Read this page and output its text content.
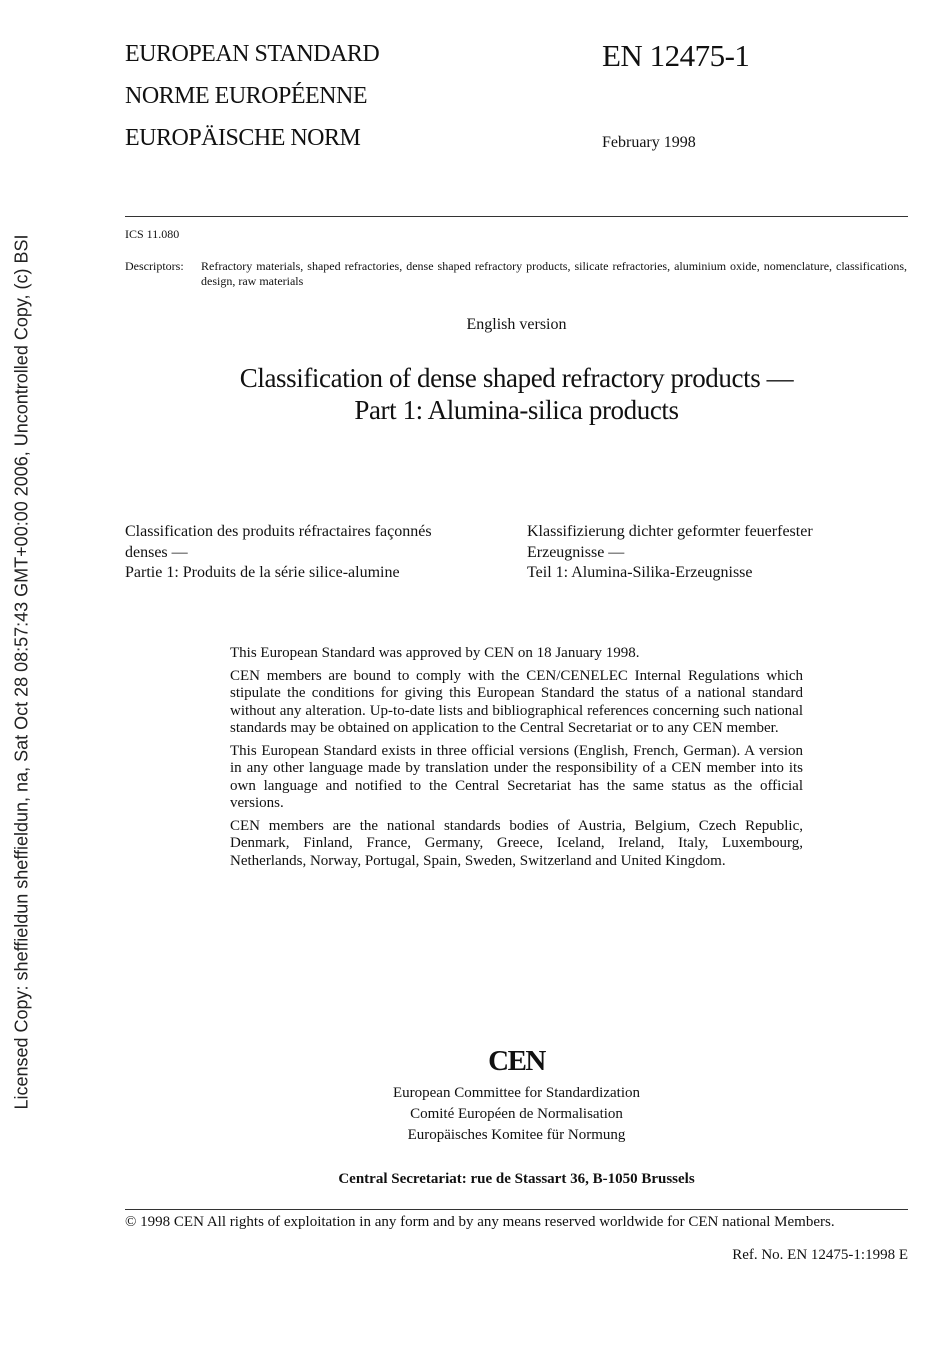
EUROPEAN STANDARD
NORME EUROPÉENNE
EUROPÄISCHE NORM
EN 12475-1
February 1998
ICS 11.080
Descriptors:	Refractory materials, shaped refractories, dense shaped refractory products, silicate refractories, aluminium oxide, nomenclature, classifications, design, raw materials
English version
Classification of dense shaped refractory products —
Part 1: Alumina-silica products
Classification des produits réfractaires façonnés
denses —
Partie 1: Produits de la série silice-alumine
Klassifizierung dichter geformter feuerfester
Erzeugnisse —
Teil 1: Alumina-Silika-Erzeugnisse

This European Standard was approved by CEN on 18 January 1998.

CEN members are bound to comply with the CEN/CENELEC Internal Regulations which stipulate the conditions for giving this European Standard the status of a national standard without any alteration. Up-to-date lists and bibliographical references concerning such national standards may be obtained on application to the Central Secretariat or to any CEN member.

This European Standard exists in three official versions (English, French, German). A version in any other language made by translation under the responsibility of a CEN member into its own language and notified to the Central Secretariat has the same status as the official versions.

CEN members are the national standards bodies of Austria, Belgium, Czech Republic, Denmark, Finland, France, Germany, Greece, Iceland, Ireland, Italy, Luxembourg, Netherlands, Norway, Portugal, Spain, Sweden, Switzerland and United Kingdom.

CEN
European Committee for Standardization
Comité Européen de Normalisation
Europäisches Komitee für Normung
Central Secretariat: rue de Stassart 36, B-1050 Brussels
© 1998 CEN All rights of exploitation in any form and by any means reserved worldwide for CEN national Members.
Ref. No. EN 12475-1:1998 E
Licensed Copy: sheffieldun sheffieldun, na, Sat Oct 28 08:57:43 GMT+00:00 2006, Uncontrolled Copy, (c) BSI
